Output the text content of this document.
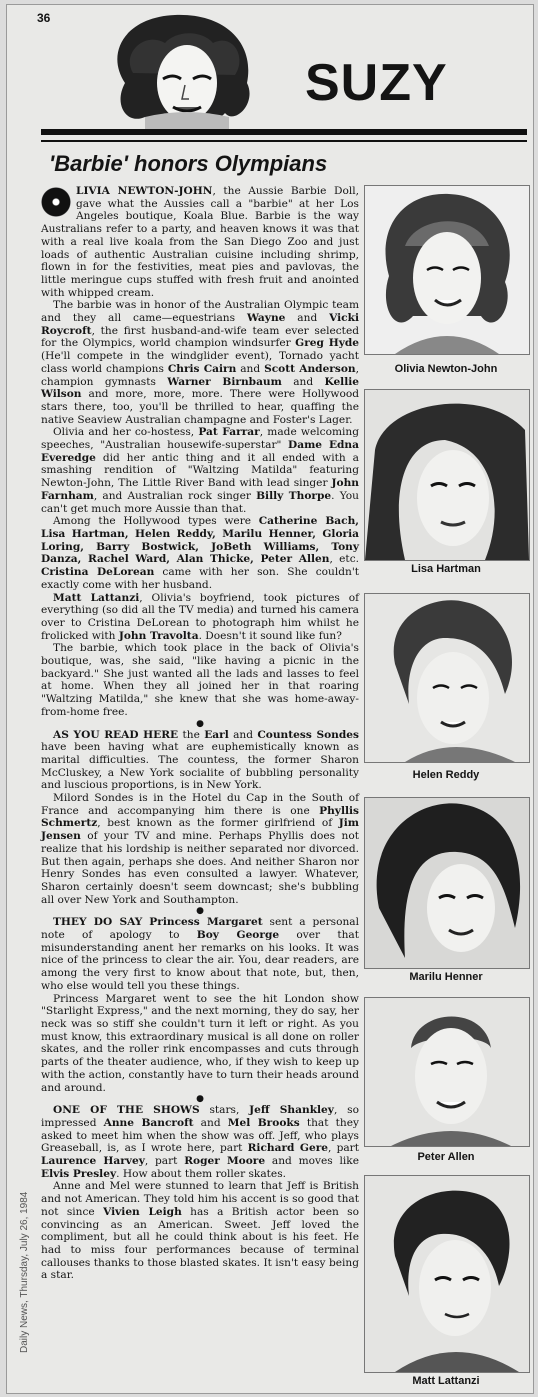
36
SUZY
'Barbie' honors Olympians
Daily News, Thursday, July 26, 1984

LIVIA NEWTON-JOHN, the Aussie Barbie Doll, gave what the Aussies call a "barbie" at her Los Angeles boutique, Koala Blue. Barbie is the way Australians refer to a party, and heaven knows it was that with a real live koala from the San Diego Zoo and just loads of authentic Australian cuisine including shrimp, flown in for the festivities, meat pies and pavlovas, the little meringue cups stuffed with fresh fruit and anointed with whipped cream.

The barbie was in honor of the Australian Olympic team and they all came—equestrians Wayne and Vicki Roycroft, the first husband-and-wife team ever selected for the Olympics, world champion windsurfer Greg Hyde (He'll compete in the windglider event), Tornado yacht class world champions Chris Cairn and Scott Anderson, champion gymnasts Warner Birnbaum and Kellie Wilson and more, more, more. There were Hollywood stars there, too, you'll be thrilled to hear, quaffing the native Seaview Australian champagne and Foster's Lager.

Olivia and her co-hostess, Pat Farrar, made welcoming speeches, "Australian housewife-superstar" Dame Edna Everedge did her antic thing and it all ended with a smashing rendition of "Waltzing Matilda" featuring Newton-John, The Little River Band with lead singer John Farnham, and Australian rock singer Billy Thorpe. You can't get much more Aussie than that.

Among the Hollywood types were Catherine Bach, Lisa Hartman, Helen Reddy, Marilu Henner, Gloria Loring, Barry Bostwick, JoBeth Williams, Tony Danza, Rachel Ward, Alan Thicke, Peter Allen, etc. Cristina DeLorean came with her son. She couldn't exactly come with her husband.

Matt Lattanzi, Olivia's boyfriend, took pictures of everything (so did all the TV media) and turned his camera over to Cristina DeLorean to photograph him whilst he frolicked with John Travolta. Doesn't it sound like fun?

The barbie, which took place in the back of Olivia's boutique, was, she said, "like having a picnic in the backyard." She just wanted all the lads and lasses to feel at home. When they all joined her in that roaring "Waltzing Matilda," she knew that she was home-away-from-home free.

●

AS YOU READ HERE the Earl and Countess Sondes have been having what are euphemistically known as marital difficulties. The countess, the former Sharon McCluskey, a New York socialite of bubbling personality and luscious proportions, is in New York.

Milord Sondes is in the Hotel du Cap in the South of France and accompanying him there is one Phyllis Schmertz, best known as the former girlfriend of Jim Jensen of your TV and mine. Perhaps Phyllis does not realize that his lordship is neither separated nor divorced. But then again, perhaps she does. And neither Sharon nor Henry Sondes has even consulted a lawyer. Whatever, Sharon certainly doesn't seem downcast; she's bubbling all over New York and Southampton.

●

THEY DO SAY Princess Margaret sent a personal note of apology to Boy George over that misunderstanding anent her remarks on his looks. It was nice of the princess to clear the air. You, dear readers, are among the very first to know about that note, but, then, who else would tell you these things.

Princess Margaret went to see the hit London show "Starlight Express," and the next morning, they do say, her neck was so stiff she couldn't turn it left or right. As you must know, this extraordinary musical is all done on roller skates, and the roller rink encompasses and cuts through parts of the theater audience, who, if they wish to keep up with the action, constantly have to turn their heads around and around.

●

ONE OF THE SHOWS stars, Jeff Shankley, so impressed Anne Bancroft and Mel Brooks that they asked to meet him when the show was off. Jeff, who plays Greaseball, is, as I wrote here, part Richard Gere, part Laurence Harvey, part Roger Moore and moves like Elvis Presley. How about them roller skates.

Anne and Mel were stunned to learn that Jeff is British and not American. They told him his accent is so good that not since Vivien Leigh has a British actor been so convincing as an American. Sweet. Jeff loved the compliment, but all he could think about is his feet. He had to miss four performances because of terminal callouses thanks to those blasted skates. It isn't easy being a star.

Olivia Newton-John
Lisa Hartman
Helen Reddy
Marilu Henner
Peter Allen
Matt Lattanzi
